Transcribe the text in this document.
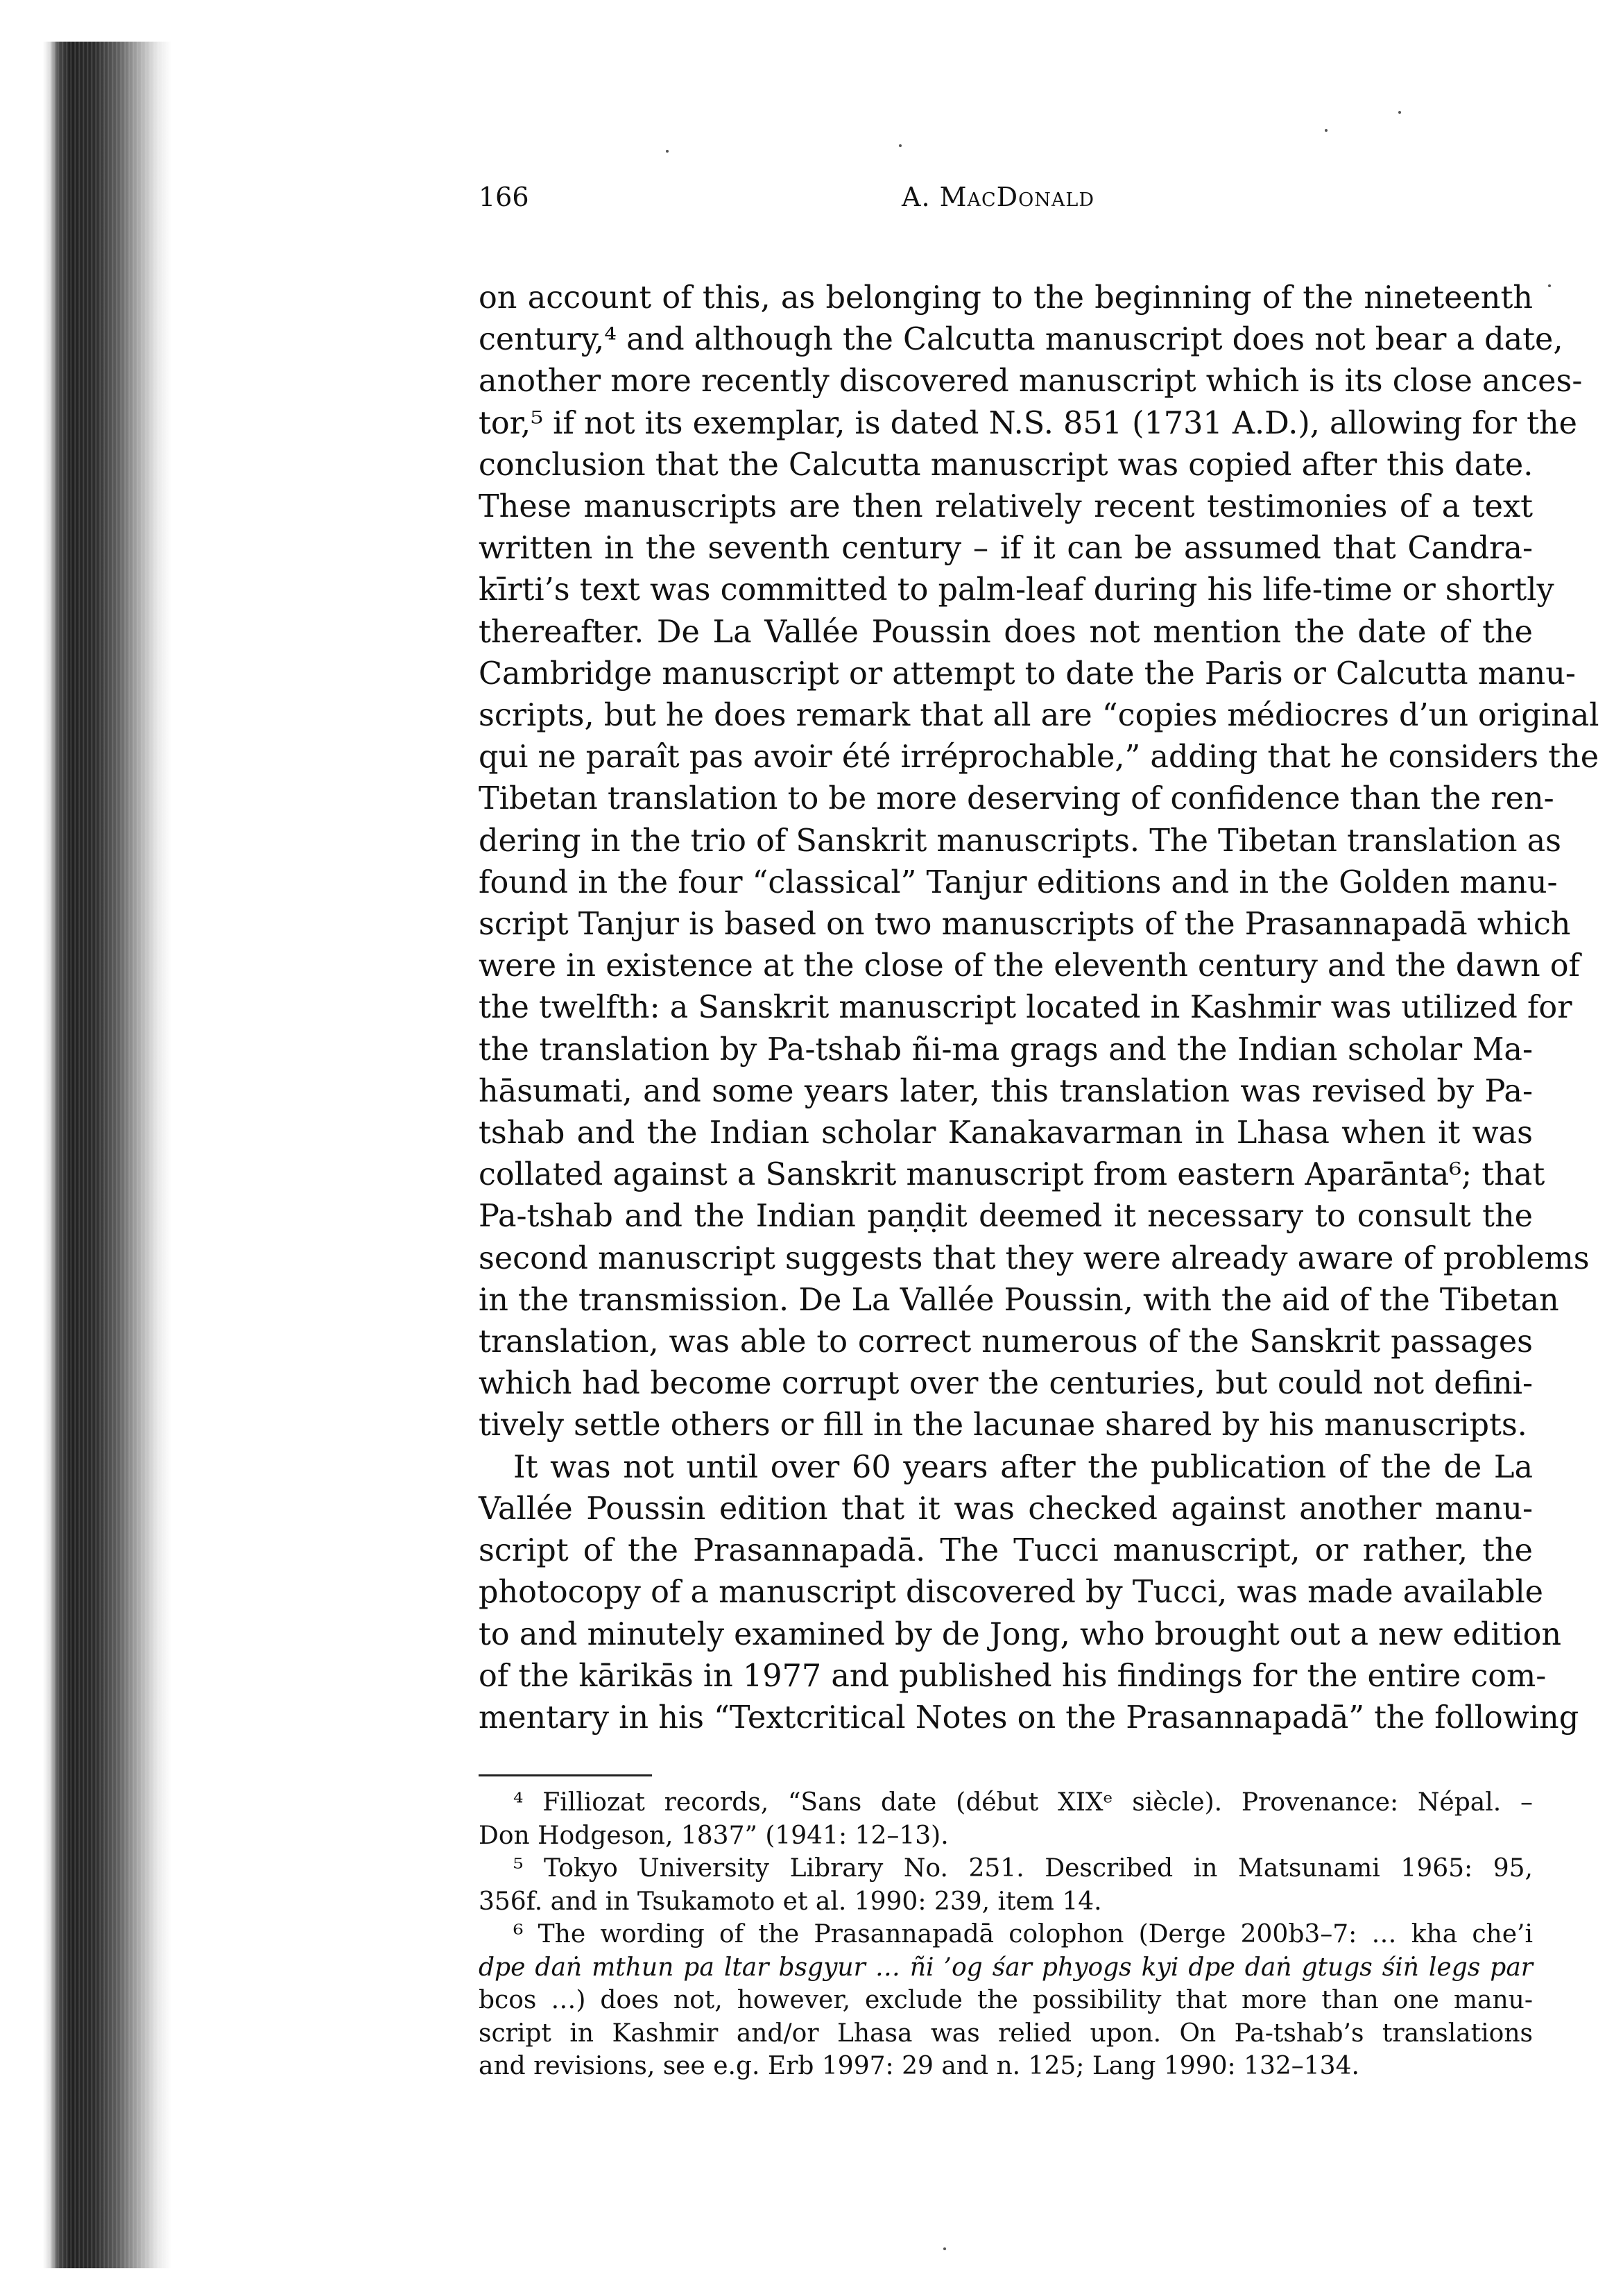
166	A. MacDonald
on account of this, as belonging to the beginning of the nineteenth
century,⁴ and although the Calcutta manuscript does not bear a date,
another more recently discovered manuscript which is its close ances-
tor,⁵ if not its exemplar, is dated N.S. 851 (1731 A.D.), allowing for the
conclusion that the Calcutta manuscript was copied after this date.
These manuscripts are then relatively recent testimonies of a text
written in the seventh century – if it can be assumed that Candra-
kīrti’s text was committed to palm-leaf during his life-time or shortly
thereafter. De La Vallée Poussin does not mention the date of the
Cambridge manuscript or attempt to date the Paris or Calcutta manu-
scripts, but he does remark that all are “copies médiocres d’un original
qui ne paraît pas avoir été irréprochable,” adding that he considers the
Tibetan translation to be more deserving of confidence than the ren-
dering in the trio of Sanskrit manuscripts. The Tibetan translation as
found in the four “classical” Tanjur editions and in the Golden manu-
script Tanjur is based on two manuscripts of the Prasannapadā which
were in existence at the close of the eleventh century and the dawn of
the twelfth: a Sanskrit manuscript located in Kashmir was utilized for
the translation by Pa-tshab ñi-ma grags and the Indian scholar Ma-
hāsumati, and some years later, this translation was revised by Pa-
tshab and the Indian scholar Kanakavarman in Lhasa when it was
collated against a Sanskrit manuscript from eastern Aparānta⁶; that
Pa-tshab and the Indian paṇḍit deemed it necessary to consult the
second manuscript suggests that they were already aware of problems
in the transmission. De La Vallée Poussin, with the aid of the Tibetan
translation, was able to correct numerous of the Sanskrit passages
which had become corrupt over the centuries, but could not defini-
tively settle others or fill in the lacunae shared by his manuscripts.
It was not until over 60 years after the publication of the de La
Vallée Poussin edition that it was checked against another manu-
script of the Prasannapadā. The Tucci manuscript, or rather, the
photocopy of a manuscript discovered by Tucci, was made available
to and minutely examined by de Jong, who brought out a new edition
of the kārikās in 1977 and published his findings for the entire com-
mentary in his “Textcritical Notes on the Prasannapadā” the following
⁴ Filliozat records, “Sans date (début XIXᵉ siècle). Provenance: Népal. –
Don Hodgeson, 1837” (1941: 12–13).
⁵ Tokyo University Library No. 251. Described in Matsunami 1965: 95,
356f. and in Tsukamoto et al. 1990: 239, item 14.
⁶ The wording of the Prasannapadā colophon (Derge 200b3–7: … kha che’i
dpe daṅ mthun pa ltar bsgyur … ñi ’og śar phyogs kyi dpe daṅ gtugs śiṅ legs par
bcos …) does not, however, exclude the possibility that more than one manu-
script in Kashmir and/or Lhasa was relied upon. On Pa-tshab’s translations
and revisions, see e.g. Erb 1997: 29 and n. 125; Lang 1990: 132–134.
